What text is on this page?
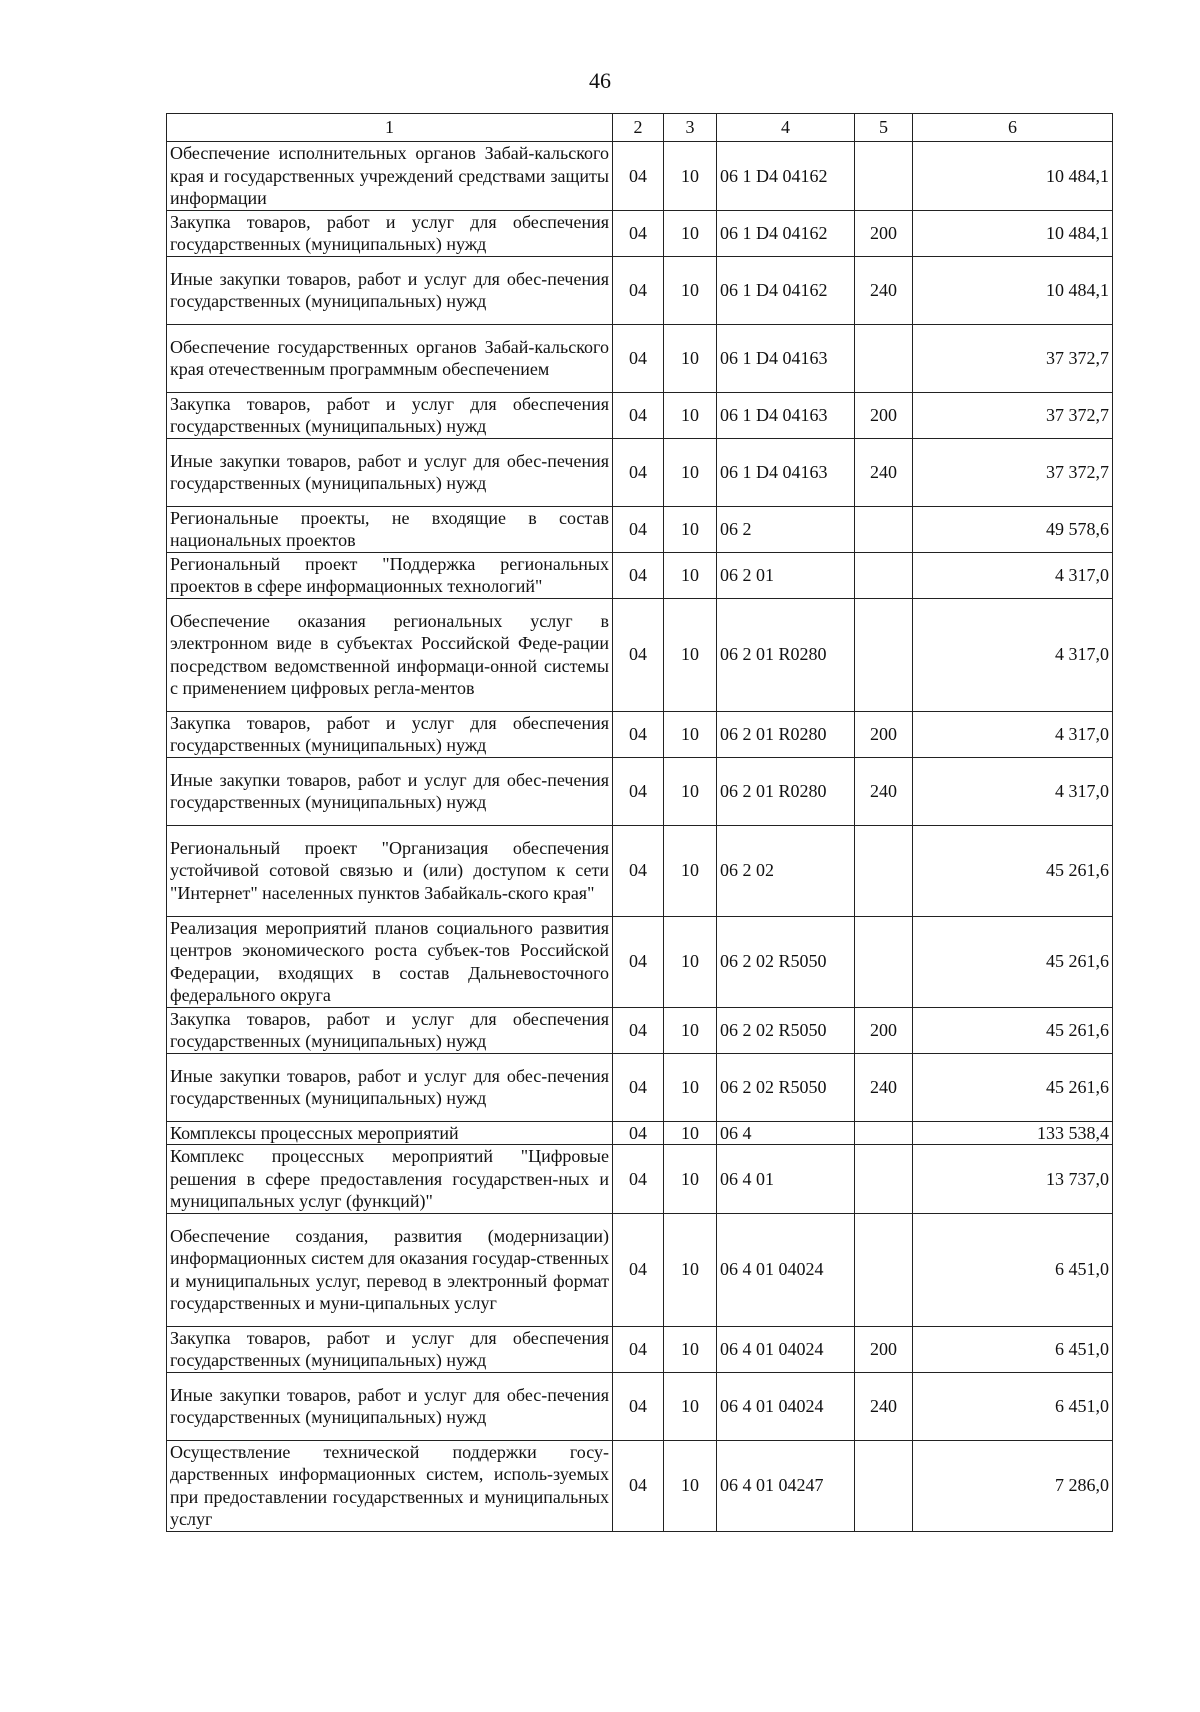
46
1	2	3	4	5	6
Обеспечение исполнительных органов Забай-кальского края и государственных учреждений средствами защиты информации	04	10	06 1 D4 04162		10 484,1
Закупка товаров, работ и услуг для обеспечения государственных (муниципальных) нужд	04	10	06 1 D4 04162	200	10 484,1
Иные закупки товаров, работ и услуг для обес-печения государственных (муниципальных) нужд	04	10	06 1 D4 04162	240	10 484,1
Обеспечение государственных органов Забай-кальского края отечественным программным обеспечением	04	10	06 1 D4 04163		37 372,7
Закупка товаров, работ и услуг для обеспечения государственных (муниципальных) нужд	04	10	06 1 D4 04163	200	37 372,7
Иные закупки товаров, работ и услуг для обес-печения государственных (муниципальных) нужд	04	10	06 1 D4 04163	240	37 372,7
Региональные проекты, не входящие в состав национальных проектов	04	10	06 2		49 578,6
Региональный проект "Поддержка региональных проектов в сфере информационных технологий"	04	10	06 2 01		4 317,0
Обеспечение оказания региональных услуг в электронном виде в субъектах Российской Феде-рации посредством ведомственной информаци-онной системы с применением цифровых регла-ментов	04	10	06 2 01 R0280		4 317,0
Закупка товаров, работ и услуг для обеспечения государственных (муниципальных) нужд	04	10	06 2 01 R0280	200	4 317,0
Иные закупки товаров, работ и услуг для обес-печения государственных (муниципальных) нужд	04	10	06 2 01 R0280	240	4 317,0
Региональный проект "Организация обеспечения устойчивой сотовой связью и (или) доступом к сети "Интернет" населенных пунктов Забайкаль-ского края"	04	10	06 2 02		45 261,6
Реализация мероприятий планов социального развития центров экономического роста субъек-тов Российской Федерации, входящих в состав Дальневосточного федерального округа	04	10	06 2 02 R5050		45 261,6
Закупка товаров, работ и услуг для обеспечения государственных (муниципальных) нужд	04	10	06 2 02 R5050	200	45 261,6
Иные закупки товаров, работ и услуг для обес-печения государственных (муниципальных) нужд	04	10	06 2 02 R5050	240	45 261,6
Комплексы процессных мероприятий	04	10	06 4		133 538,4
Комплекс процессных мероприятий "Цифровые решения в сфере предоставления государствен-ных и муниципальных услуг (функций)"	04	10	06 4 01		13 737,0
Обеспечение создания, развития (модернизации) информационных систем для оказания государ-ственных и муниципальных услуг, перевод в электронный формат государственных и муни-ципальных услуг	04	10	06 4 01 04024		6 451,0
Закупка товаров, работ и услуг для обеспечения государственных (муниципальных) нужд	04	10	06 4 01 04024	200	6 451,0
Иные закупки товаров, работ и услуг для обес-печения государственных (муниципальных) нужд	04	10	06 4 01 04024	240	6 451,0
Осуществление технической поддержки госу-дарственных информационных систем, исполь-зуемых при предоставлении государственных и муниципальных услуг	04	10	06 4 01 04247		7 286,0
